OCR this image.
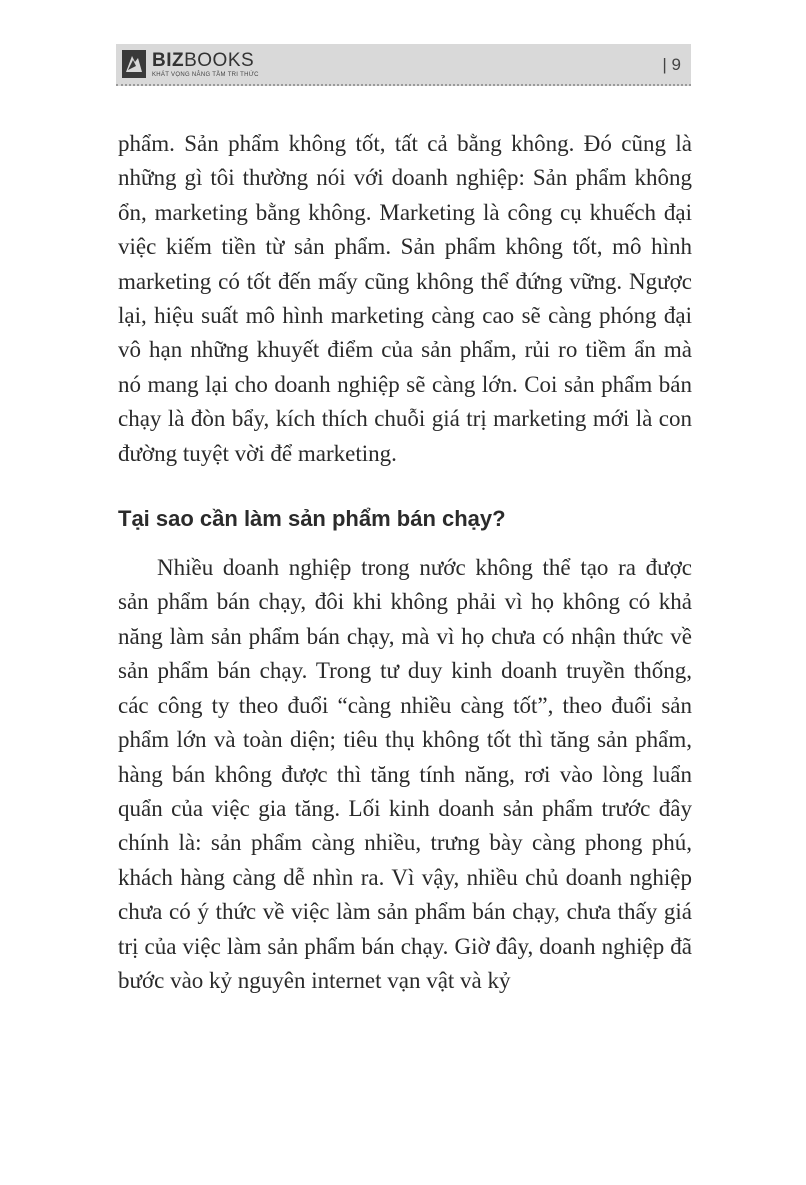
BIZBOOKS
KHÁT VỌNG NÂNG TẦM TRI THỨC
| 9

phẩm. Sản phẩm không tốt, tất cả bằng không. Đó cũng là những gì tôi thường nói với doanh nghiệp: Sản phẩm không ổn, marketing bằng không. Marketing là công cụ khuếch đại việc kiếm tiền từ sản phẩm. Sản phẩm không tốt, mô hình marketing có tốt đến mấy cũng không thể đứng vững. Ngược lại, hiệu suất mô hình marketing càng cao sẽ càng phóng đại vô hạn những khuyết điểm của sản phẩm, rủi ro tiềm ẩn mà nó mang lại cho doanh nghiệp sẽ càng lớn. Coi sản phẩm bán chạy là đòn bẩy, kích thích chuỗi giá trị marketing mới là con đường tuyệt vời để marketing.

Tại sao cần làm sản phẩm bán chạy?

Nhiều doanh nghiệp trong nước không thể tạo ra được sản phẩm bán chạy, đôi khi không phải vì họ không có khả năng làm sản phẩm bán chạy, mà vì họ chưa có nhận thức về sản phẩm bán chạy. Trong tư duy kinh doanh truyền thống, các công ty theo đuổi “càng nhiều càng tốt”, theo đuổi sản phẩm lớn và toàn diện; tiêu thụ không tốt thì tăng sản phẩm, hàng bán không được thì tăng tính năng, rơi vào lòng luẩn quẩn của việc gia tăng. Lối kinh doanh sản phẩm trước đây chính là: sản phẩm càng nhiều, trưng bày càng phong phú, khách hàng càng dễ nhìn ra. Vì vậy, nhiều chủ doanh nghiệp chưa có ý thức về việc làm sản phẩm bán chạy, chưa thấy giá trị của việc làm sản phẩm bán chạy. Giờ đây, doanh nghiệp đã bước vào kỷ nguyên internet vạn vật và kỷ
